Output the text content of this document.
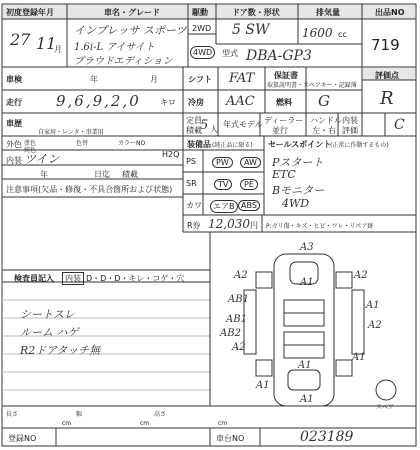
初度登録年月	車名・グレード	駆動	ドア数・形状	排気量	出品NO
27 11
月
インプレッサ スポーツ
1.6i-L アイサイト
プラウドエディション
2WD
4WD
5 SW	1600 cc
型式 DBA-GP3
719
車検	年	月	シフト FAT 保証書
取扱説明書・スペアキー・記録簿
評価点
R
走行 9,6,9,2,0 キロ 冷房 AAC	燃料 G
車歴
自家用・レンタ・事業用
定員
積載
5 人
年式モデル ディーラー
並行
ハンドル
左・右
内装
評価	C
外色 塗色
純色
色替	カラーNO
H2Q
ツイン
内装
年	日迄 積載
注意事項(欠品・修復・不具合箇所および状態)
装備品 (純正品に限る)
PS	PW	AW
SR	TV	PE
カワ	エアB ABS
セールスポイント
(正常に作動するもの)
Pスタート
ETC
Bモニター
4WD
R券 12,030 円 P:ガリ傷・キズ・ヒビ・ワレ・リペア跡
検査員記入	内装 D・D・D・キレ・コゲ・穴
シートスレ
ルーム ハゲ
R2ドアタッチ無
A3
A2
AB1
AB1
AB2
A2
A1
A2
A1
A2
A1
A1
A1
A1
スペア
長さ
cm
幅
cm
高さ
cm
登録NO	車台NO	023189
